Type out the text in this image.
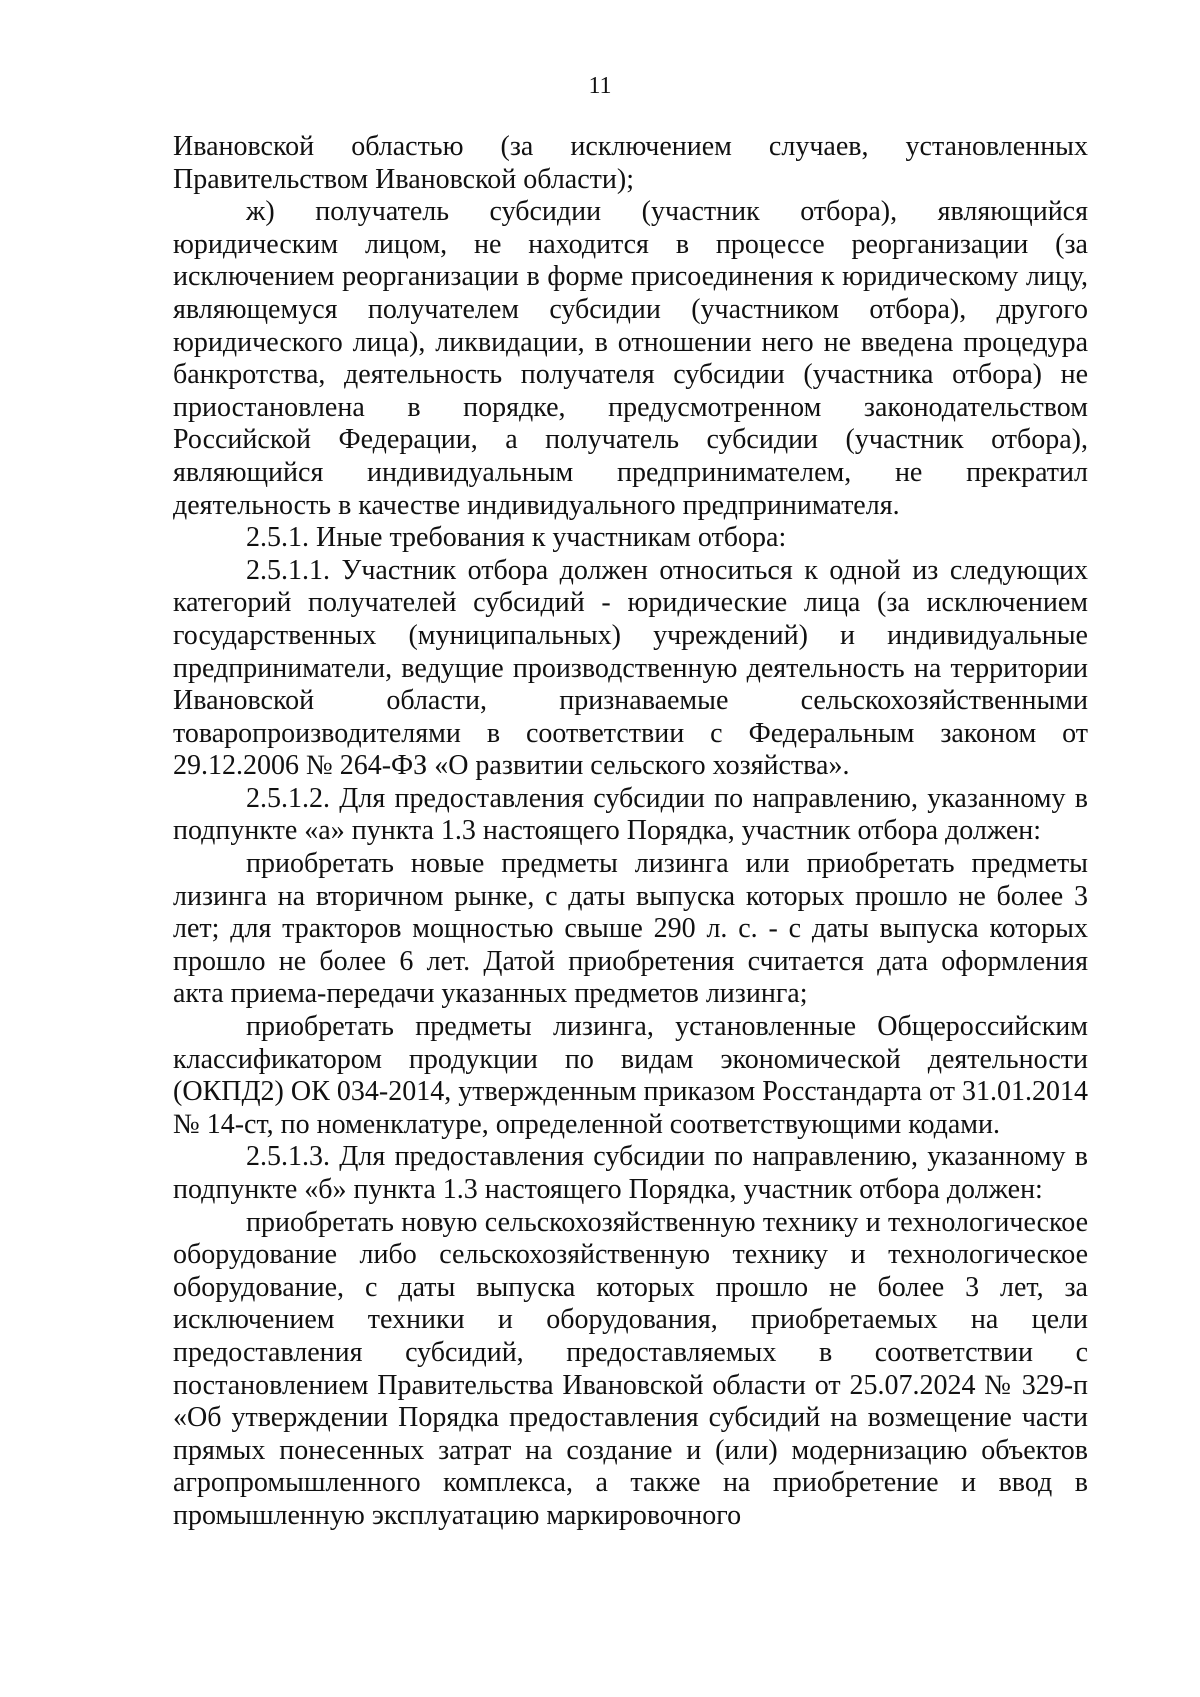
11

Ивановской областью (за исключением случаев, установленных Правительством Ивановской области);

ж) получатель субсидии (участник отбора), являющийся юридическим лицом, не находится в процессе реорганизации (за исключением реорганизации в форме присоединения к юридическому лицу, являющемуся получателем субсидии (участником отбора), другого юридического лица), ликвидации, в отношении него не введена процедура банкротства, деятельность получателя субсидии (участника отбора) не приостановлена в порядке, предусмотренном законодательством Российской Федерации, а получатель субсидии (участник отбора), являющийся индивидуальным предпринимателем, не прекратил деятельность в качестве индивидуального предпринимателя.

2.5.1. Иные требования к участникам отбора:

2.5.1.1. Участник отбора должен относиться к одной из следующих категорий получателей субсидий - юридические лица (за исключением государственных (муниципальных) учреждений) и индивидуальные предприниматели, ведущие производственную деятельность на территории Ивановской области, признаваемые сельскохозяйственными товаропроизводителями в соответствии с Федеральным законом от 29.12.2006 № 264-ФЗ «О развитии сельского хозяйства».

2.5.1.2. Для предоставления субсидии по направлению, указанному в подпункте «а» пункта 1.3 настоящего Порядка, участник отбора должен:

приобретать новые предметы лизинга или приобретать предметы лизинга на вторичном рынке, с даты выпуска которых прошло не более 3 лет; для тракторов мощностью свыше 290 л. с. - с даты выпуска которых прошло не более 6 лет. Датой приобретения считается дата оформления акта приема-передачи указанных предметов лизинга;

приобретать предметы лизинга, установленные Общероссийским классификатором продукции по видам экономической деятельности (ОКПД2) ОК 034-2014, утвержденным приказом Росстандарта от 31.01.2014 № 14-ст, по номенклатуре, определенной соответствующими кодами.

2.5.1.3. Для предоставления субсидии по направлению, указанному в подпункте «б» пункта 1.3 настоящего Порядка, участник отбора должен:

приобретать новую сельскохозяйственную технику и технологическое оборудование либо сельскохозяйственную технику и технологическое оборудование, с даты выпуска которых прошло не более 3 лет, за исключением техники и оборудования, приобретаемых на цели предоставления субсидий, предоставляемых в соответствии с постановлением Правительства Ивановской области от 25.07.2024 № 329-п «Об утверждении Порядка предоставления субсидий на возмещение части прямых понесенных затрат на создание и (или) модернизацию объектов агропромышленного комплекса, а также на приобретение и ввод в промышленную эксплуатацию маркировочного
